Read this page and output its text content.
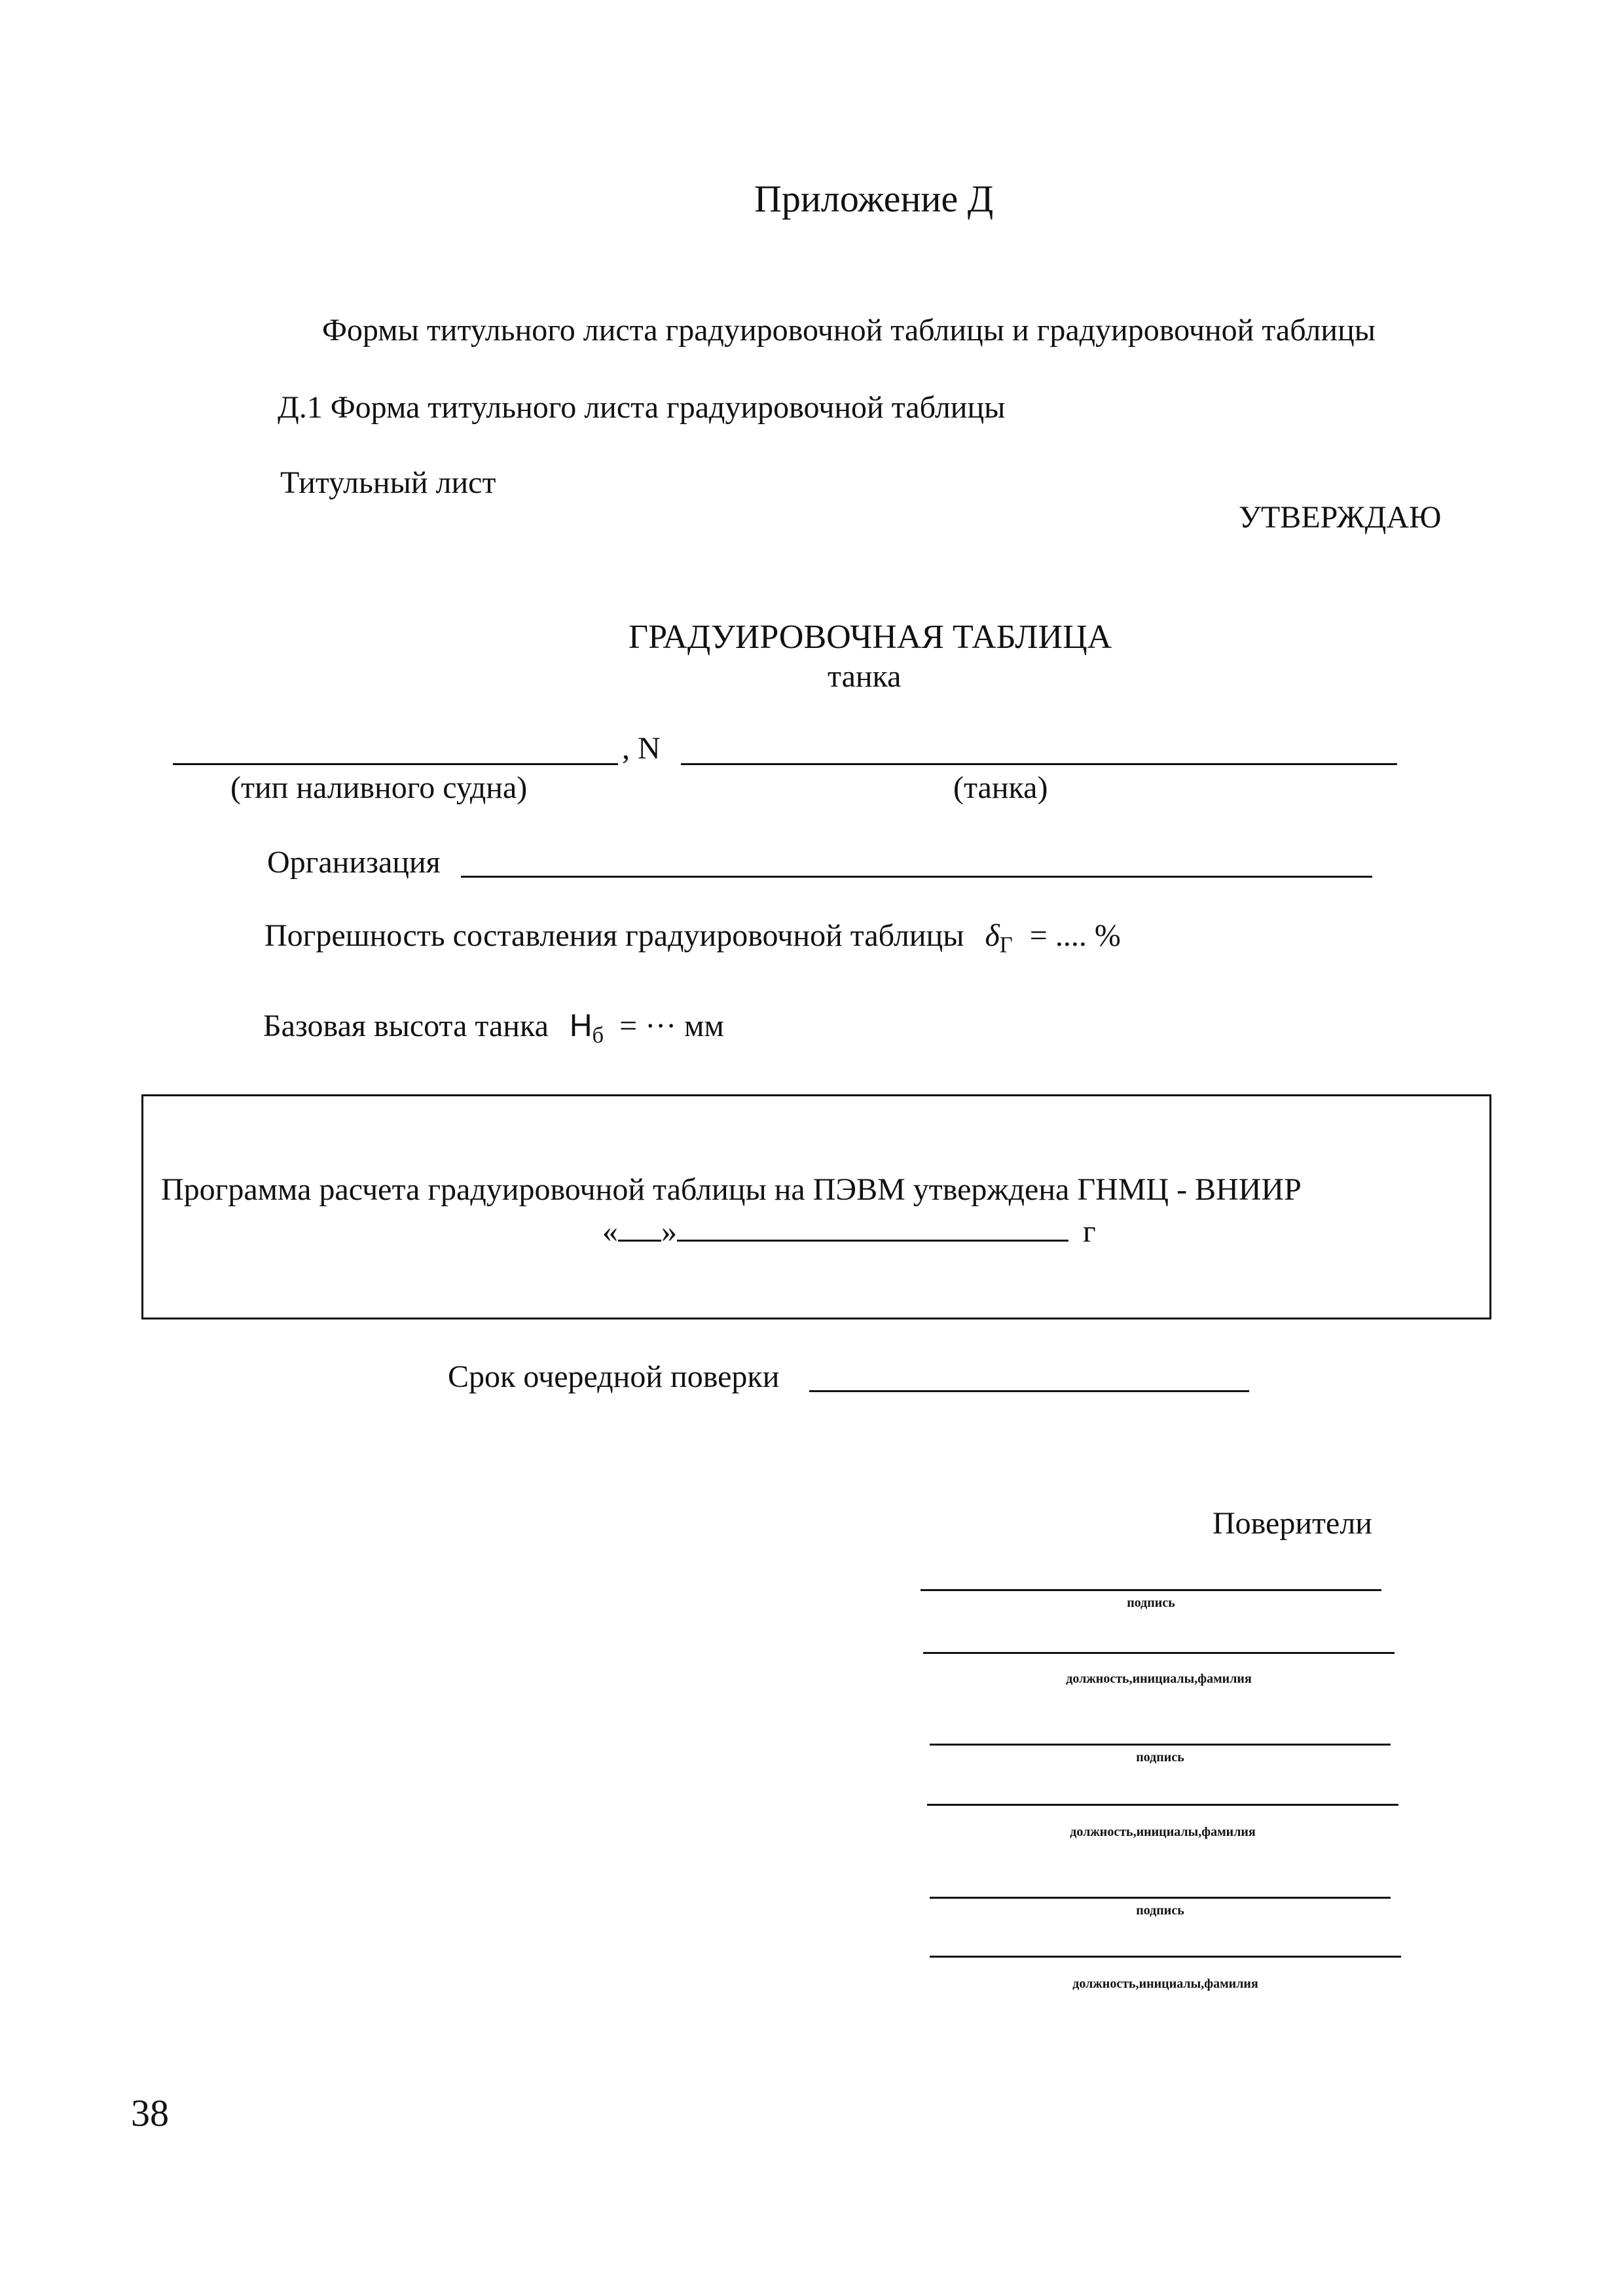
Приложение Д
Формы титульного листа градуировочной таблицы и градуировочной таблицы
Д.1 Форма титульного листа градуировочной таблицы
Титульный лист
УТВЕРЖДАЮ
ГРАДУИРОВОЧНАЯ ТАБЛИЦА
танка
, N
(тип наливного судна)	(танка)
Организация
Погрешность составления градуировочной таблицы $\delta_Г$ = .... %
Базовая высота танка $Н_б$ = ··· мм
Программа расчета градуировочной таблицы на ПЭВМ утверждена ГНМЦ - ВНИИР
« »	г
Срок очередной поверки
Поверители
подпись
должность,инициалы,фамилия
подпись
должность,инициалы,фамилия
подпись
должность,инициалы,фамилия
38
